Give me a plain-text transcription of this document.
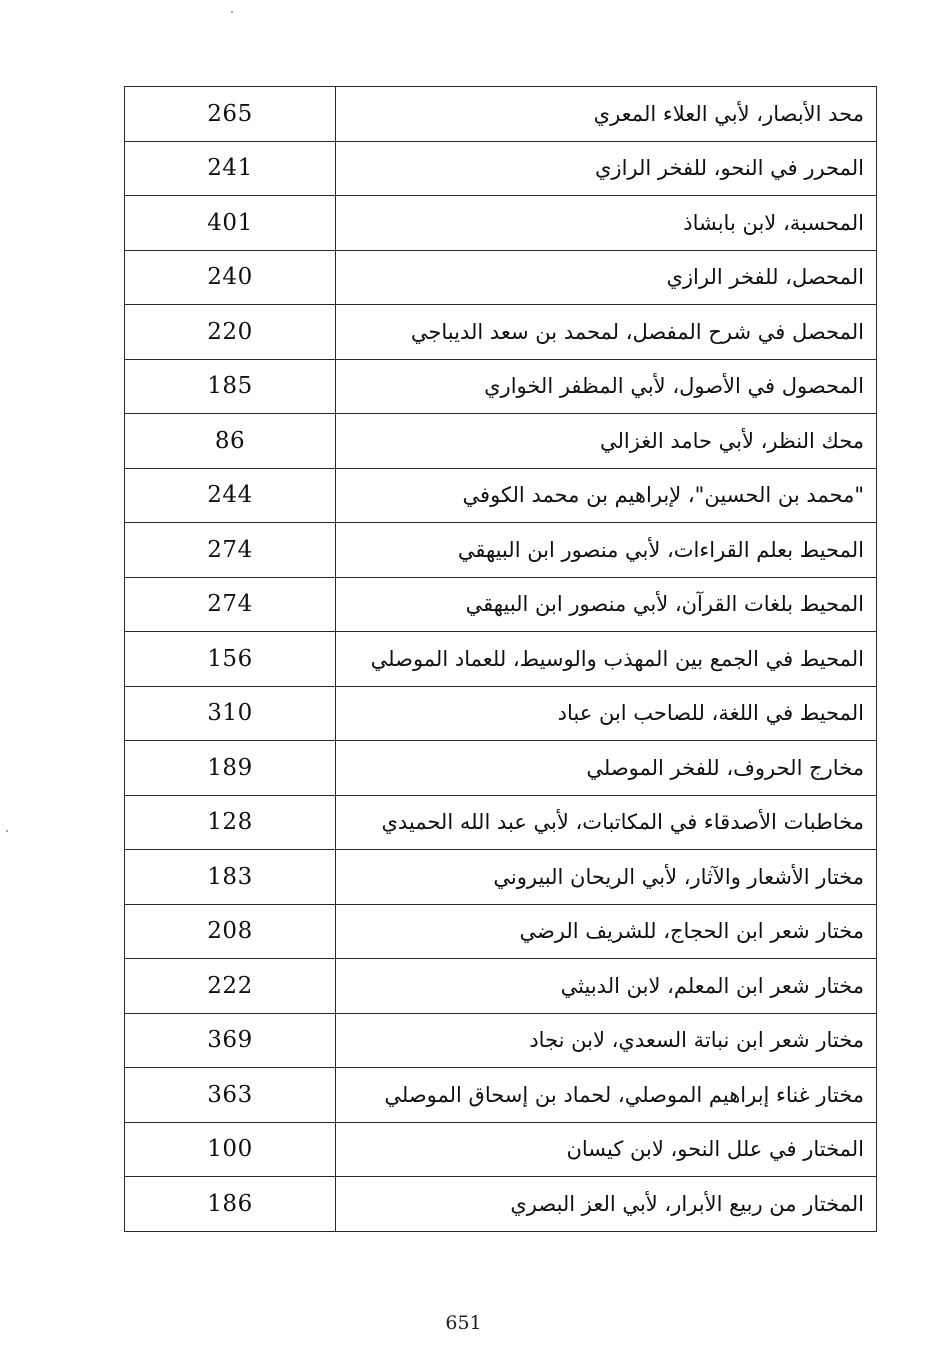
265	محد الأبصار، لأبي العلاء المعري
241	المحرر في النحو، للفخر الرازي
401	المحسبة، لابن بابشاذ
240	المحصل، للفخر الرازي
220	المحصل في شرح المفصل، لمحمد بن سعد الديباجي
185	المحصول في الأصول، لأبي المظفر الخواري
86	محك النظر، لأبي حامد الغزالي
244	"محمد بن الحسين"، لإبراهيم بن محمد الكوفي
274	المحيط بعلم القراءات، لأبي منصور ابن البيهقي
274	المحيط بلغات القرآن، لأبي منصور ابن البيهقي
156	المحيط في الجمع بين المهذب والوسيط، للعماد الموصلي
310	المحيط في اللغة، للصاحب ابن عباد
189	مخارج الحروف، للفخر الموصلي
128	مخاطبات الأصدقاء في المكاتبات، لأبي عبد الله الحميدي
183	مختار الأشعار والآثار، لأبي الريحان البيروني
208	مختار شعر ابن الحجاج، للشريف الرضي
222	مختار شعر ابن المعلم، لابن الدبيثي
369	مختار شعر ابن نباتة السعدي، لابن نجاد
363	مختار غناء إبراهيم الموصلي، لحماد بن إسحاق الموصلي
100	المختار في علل النحو، لابن كيسان
186	المختار من ربيع الأبرار، لأبي العز البصري
651
